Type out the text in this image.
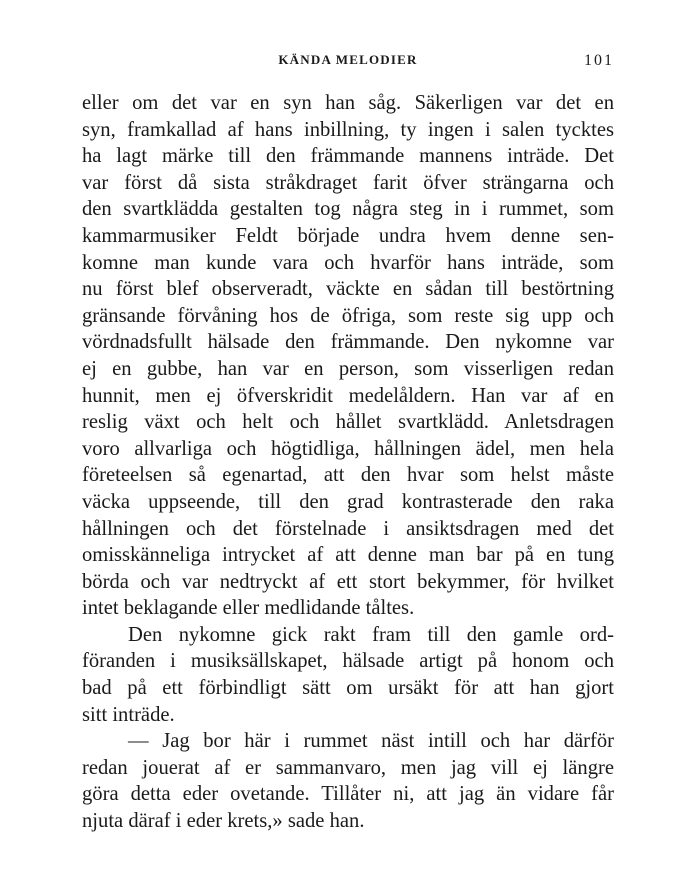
KÄNDA MELODIER	101
eller om det var en syn han såg. Säkerligen var det en
syn, framkallad af hans inbillning, ty ingen i salen tycktes
ha lagt märke till den främmande mannens inträde. Det
var först då sista stråkdraget farit öfver strängarna och
den svartklädda gestalten tog några steg in i rummet, som
kammarmusiker Feldt började undra hvem denne sen-
komne man kunde vara och hvarför hans inträde, som
nu först blef observeradt, väckte en sådan till bestörtning
gränsande förvåning hos de öfriga, som reste sig upp och
vördnadsfullt hälsade den främmande. Den nykomne var
ej en gubbe, han var en person, som visserligen redan
hunnit, men ej öfverskridit medelåldern. Han var af en
reslig växt och helt och hållet svartklädd. Anletsdragen
voro allvarliga och högtidliga, hållningen ädel, men hela
företeelsen så egenartad, att den hvar som helst måste
väcka uppseende, till den grad kontrasterade den raka
hållningen och det förstelnade i ansiktsdragen med det
omisskänneliga intrycket af att denne man bar på en tung
börda och var nedtryckt af ett stort bekymmer, för hvilket
intet beklagande eller medlidande tåltes.
Den nykomne gick rakt fram till den gamle ord-
föranden i musiksällskapet, hälsade artigt på honom och
bad på ett förbindligt sätt om ursäkt för att han gjort
sitt inträde.
— Jag bor här i rummet näst intill och har därför
redan jouerat af er sammanvaro, men jag vill ej längre
göra detta eder ovetande. Tillåter ni, att jag än vidare får
njuta däraf i eder krets,» sade han.
